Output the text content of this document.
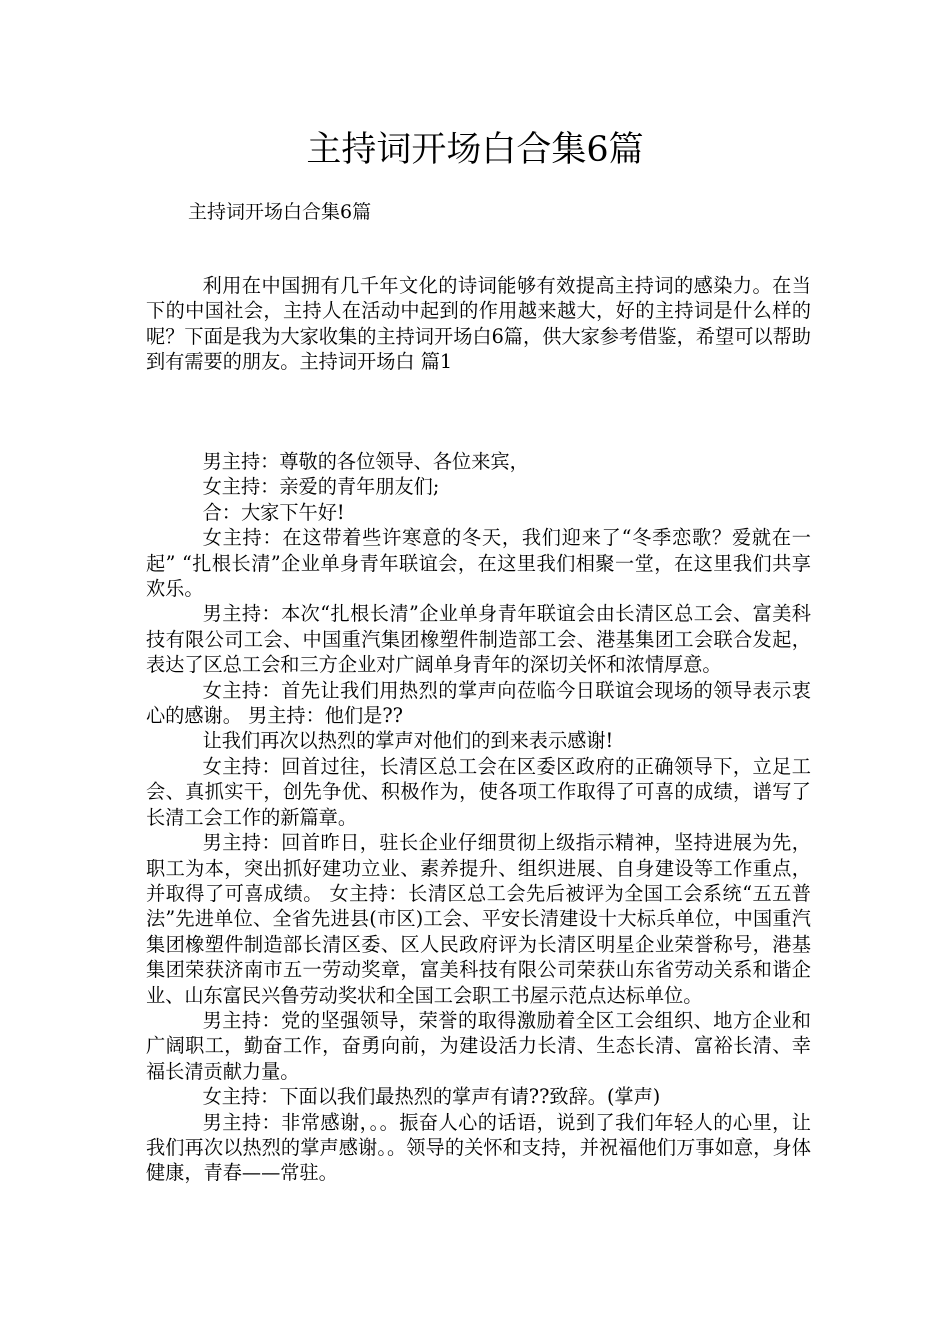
主持词开场白合集6篇

主持词开场白合集6篇

利用在中国拥有几千年文化的诗词能够有效提高主持词的感染力。在当下的中国社会，主持人在活动中起到的作用越来越大，好的主持词是什么样的呢？下面是我为大家收集的主持词开场白6篇，供大家参考借鉴，希望可以帮助到有需要的朋友。主持词开场白 篇1

男主持：尊敬的各位领导、各位来宾，

女主持：亲爱的青年朋友们;

合：大家下午好!

女主持：在这带着些许寒意的冬天，我们迎来了“冬季恋歌？爱就在一起” “扎根长清”企业单身青年联谊会，在这里我们相聚一堂，在这里我们共享欢乐。

男主持：本次“扎根长清”企业单身青年联谊会由长清区总工会、富美科技有限公司工会、中国重汽集团橡塑件制造部工会、港基集团工会联合发起，表达了区总工会和三方企业对广阔单身青年的深切关怀和浓情厚意。

女主持：首先让我们用热烈的掌声向莅临今日联谊会现场的领导表示衷心的感谢。 男主持：他们是??

让我们再次以热烈的掌声对他们的到来表示感谢!

女主持：回首过往，长清区总工会在区委区政府的正确领导下，立足工会、真抓实干，创先争优、积极作为，使各项工作取得了可喜的成绩，谱写了长清工会工作的新篇章。

男主持：回首昨日，驻长企业仔细贯彻上级指示精神，坚持进展为先，职工为本，突出抓好建功立业、素养提升、组织进展、自身建设等工作重点，并取得了可喜成绩。 女主持：长清区总工会先后被评为全国工会系统“五五普法”先进单位、全省先进县(市区)工会、平安长清建设十大标兵单位，中国重汽集团橡塑件制造部长清区委、区人民政府评为长清区明星企业荣誉称号，港基集团荣获济南市五一劳动奖章，富美科技有限公司荣获山东省劳动关系和谐企业、山东富民兴鲁劳动奖状和全国工会职工书屋示范点达标单位。

男主持：党的坚强领导，荣誉的取得激励着全区工会组织、地方企业和广阔职工，勤奋工作，奋勇向前，为建设活力长清、生态长清、富裕长清、幸福长清贡献力量。

女主持：下面以我们最热烈的掌声有请??致辞。(掌声)

男主持：非常感谢，。。振奋人心的话语，说到了我们年轻人的心里，让我们再次以热烈的掌声感谢。。领导的关怀和支持，并祝福他们万事如意，身体健康，青春——常驻。
